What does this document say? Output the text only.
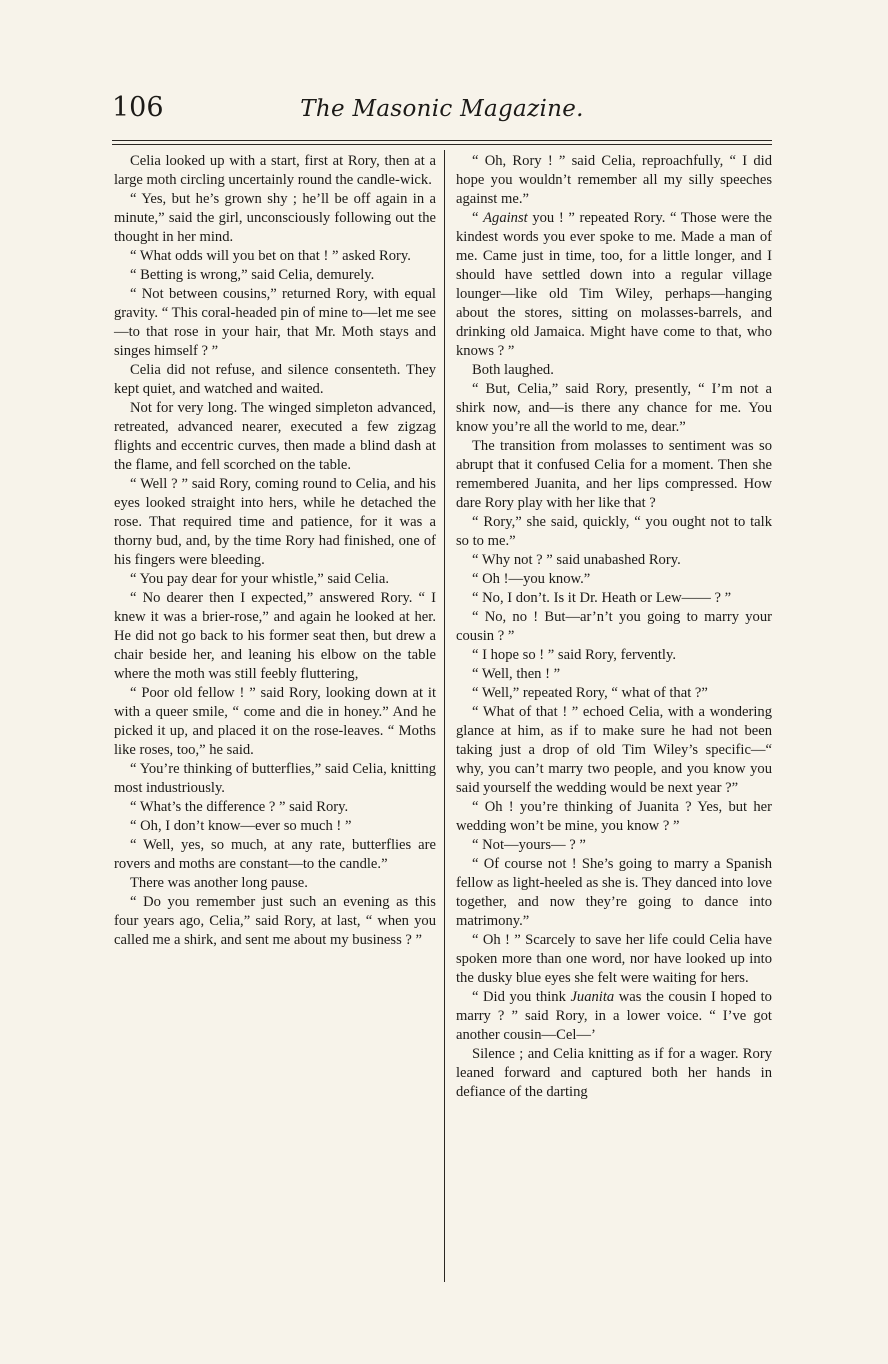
106	The Masonic Magazine.

Celia looked up with a start, first at Rory, then at a large moth circling uncertainly round the candle-wick.

“ Yes, but he’s grown shy ; he’ll be off again in a minute,” said the girl, unconsciously following out the thought in her mind.

“ What odds will you bet on that ! ” asked Rory.

“ Betting is wrong,” said Celia, demurely.

“ Not between cousins,” returned Rory, with equal gravity. “ This coral-headed pin of mine to—let me see—to that rose in your hair, that Mr. Moth stays and singes himself ? ”

Celia did not refuse, and silence consenteth. They kept quiet, and watched and waited.

Not for very long. The winged simpleton advanced, retreated, advanced nearer, executed a few zigzag flights and eccentric curves, then made a blind dash at the flame, and fell scorched on the table.

“ Well ? ” said Rory, coming round to Celia, and his eyes looked straight into hers, while he detached the rose. That required time and patience, for it was a thorny bud, and, by the time Rory had finished, one of his fingers were bleeding.

“ You pay dear for your whistle,” said Celia.

“ No dearer then I expected,” answered Rory. “ I knew it was a brier-rose,” and again he looked at her. He did not go back to his former seat then, but drew a chair beside her, and leaning his elbow on the table where the moth was still feebly fluttering,

“ Poor old fellow ! ” said Rory, looking down at it with a queer smile, “ come and die in honey.” And he picked it up, and placed it on the rose-leaves. “ Moths like roses, too,” he said.

“ You’re thinking of butterflies,” said Celia, knitting most industriously.

“ What’s the difference ? ” said Rory.

“ Oh, I don’t know—ever so much ! ”

“ Well, yes, so much, at any rate, butterflies are rovers and moths are constant—to the candle.”

There was another long pause.

“ Do you remember just such an evening as this four years ago, Celia,” said Rory, at last, “ when you called me a shirk, and sent me about my business ? ”

“ Oh, Rory ! ” said Celia, reproachfully, “ I did hope you wouldn’t remember all my silly speeches against me.”

“ Against you ! ” repeated Rory. “ Those were the kindest words you ever spoke to me. Made a man of me. Came just in time, too, for a little longer, and I should have settled down into a regular village lounger—like old Tim Wiley, perhaps—hanging about the stores, sitting on molasses-barrels, and drinking old Jamaica. Might have come to that, who knows ? ”

Both laughed.

“ But, Celia,” said Rory, presently, “ I’m not a shirk now, and—is there any chance for me. You know you’re all the world to me, dear.”

The transition from molasses to sentiment was so abrupt that it confused Celia for a moment. Then she remembered Juanita, and her lips compressed. How dare Rory play with her like that ?

“ Rory,” she said, quickly, “ you ought not to talk so to me.”

“ Why not ? ” said unabashed Rory.

“ Oh !—you know.”

“ No, I don’t. Is it Dr. Heath or Lew—— ? ”

“ No, no ! But—ar’n’t you going to marry your cousin ? ”

“ I hope so ! ” said Rory, fervently.

“ Well, then ! ”

“ Well,” repeated Rory, “ what of that ?”

“ What of that ! ” echoed Celia, with a wondering glance at him, as if to make sure he had not been taking just a drop of old Tim Wiley’s specific—“ why, you can’t marry two people, and you know you said yourself the wedding would be next year ?”

“ Oh ! you’re thinking of Juanita ? Yes, but her wedding won’t be mine, you know ? ”

“ Not—yours— ? ”

“ Of course not ! She’s going to marry a Spanish fellow as light-heeled as she is. They danced into love together, and now they’re going to dance into matrimony.”

“ Oh ! ” Scarcely to save her life could Celia have spoken more than one word, nor have looked up into the dusky blue eyes she felt were waiting for hers.

“ Did you think Juanita was the cousin I hoped to marry ? ” said Rory, in a lower voice. “ I’ve got another cousin—Cel—’

Silence ; and Celia knitting as if for a wager. Rory leaned forward and captured both her hands in defiance of the darting
